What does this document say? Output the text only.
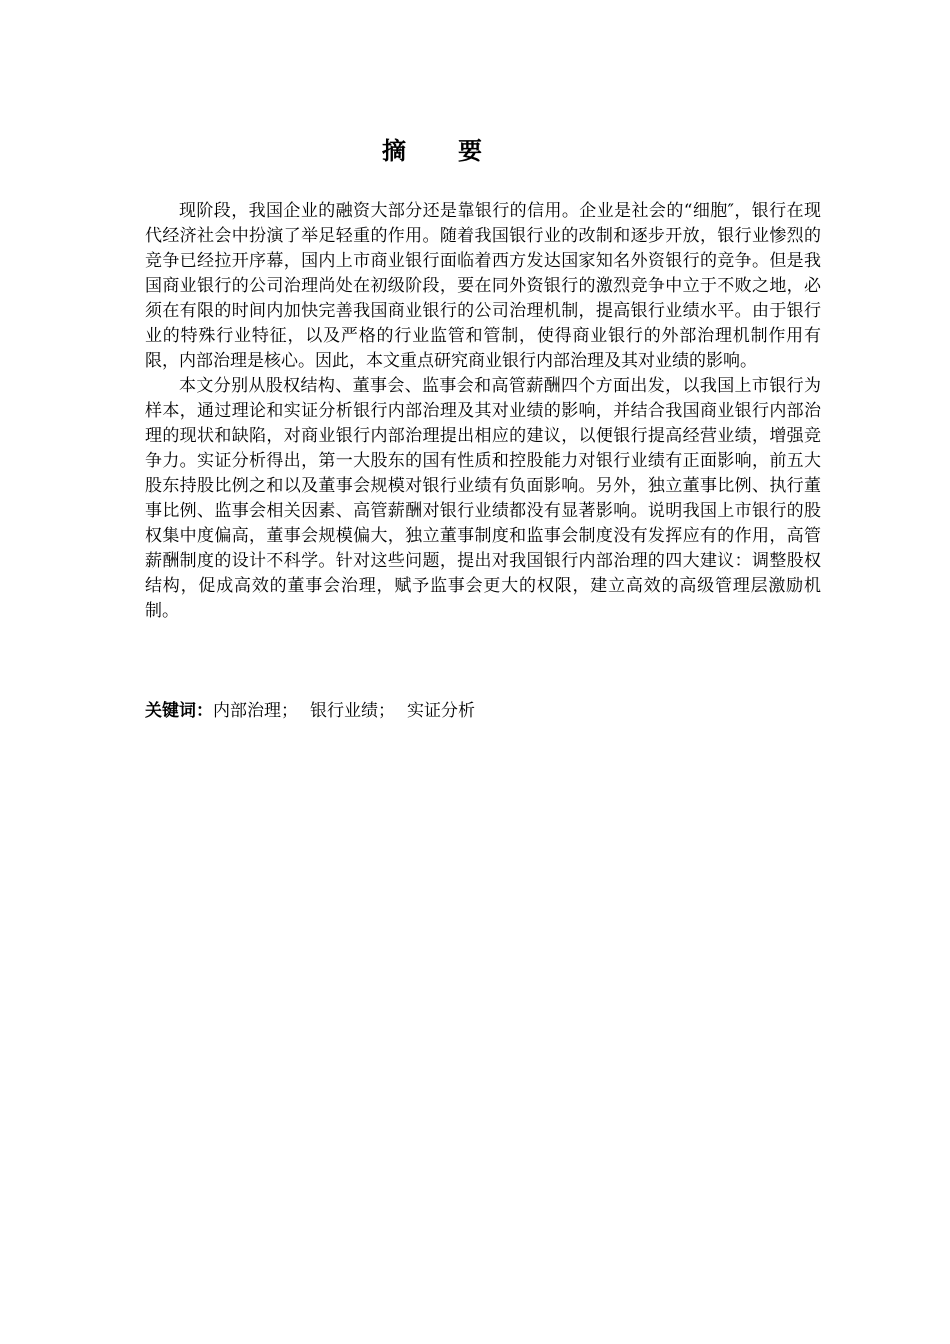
摘　要

现阶段，我国企业的融资大部分还是靠银行的信用。企业是社会的“细胞″，银行在现代经济社会中扮演了举足轻重的作用。随着我国银行业的改制和逐步开放，银行业惨烈的竞争已经拉开序幕，国内上市商业银行面临着西方发达国家知名外资银行的竞争。但是我国商业银行的公司治理尚处在初级阶段，要在同外资银行的激烈竞争中立于不败之地，必须在有限的时间内加快完善我国商业银行的公司治理机制，提高银行业绩水平。由于银行业的特殊行业特征，以及严格的行业监管和管制，使得商业银行的外部治理机制作用有限，内部治理是核心。因此，本文重点研究商业银行内部治理及其对业绩的影响。

本文分别从股权结构、董事会、监事会和高管薪酬四个方面出发，以我国上市银行为样本，通过理论和实证分析银行内部治理及其对业绩的影响，并结合我国商业银行内部治理的现状和缺陷，对商业银行内部治理提出相应的建议，以便银行提高经营业绩，增强竞争力。实证分析得出，第一大股东的国有性质和控股能力对银行业绩有正面影响，前五大股东持股比例之和以及董事会规模对银行业绩有负面影响。另外，独立董事比例、执行董事比例、监事会相关因素、高管薪酬对银行业绩都没有显著影响。说明我国上市银行的股权集中度偏高，董事会规模偏大，独立董事制度和监事会制度没有发挥应有的作用，高管薪酬制度的设计不科学。针对这些问题，提出对我国银行内部治理的四大建议：调整股权结构，促成高效的董事会治理，赋予监事会更大的权限，建立高效的高级管理层激励机制。

关键词：内部治理； 银行业绩； 实证分析
